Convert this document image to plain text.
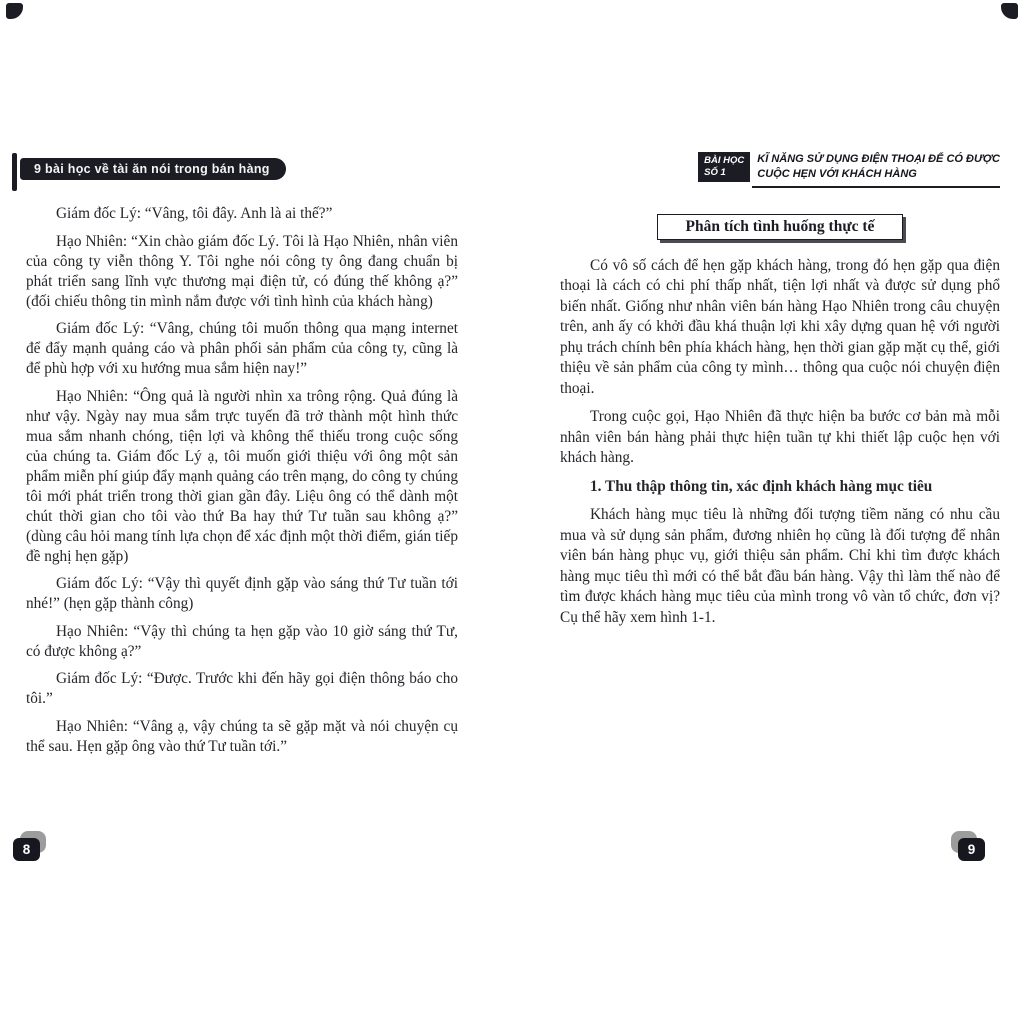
9 bài học về tài ăn nói trong bán hàng

Giám đốc Lý: “Vâng, tôi đây. Anh là ai thế?”

Hạo Nhiên: “Xin chào giám đốc Lý. Tôi là Hạo Nhiên, nhân viên của công ty viễn thông Y. Tôi nghe nói công ty ông đang chuẩn bị phát triển sang lĩnh vực thương mại điện tử, có đúng thế không ạ?” (đối chiếu thông tin mình nắm được với tình hình của khách hàng)

Giám đốc Lý: “Vâng, chúng tôi muốn thông qua mạng internet để đẩy mạnh quảng cáo và phân phối sản phẩm của công ty, cũng là để phù hợp với xu hướng mua sắm hiện nay!”

Hạo Nhiên: “Ông quả là người nhìn xa trông rộng. Quả đúng là như vậy. Ngày nay mua sắm trực tuyến đã trở thành một hình thức mua sắm nhanh chóng, tiện lợi và không thể thiếu trong cuộc sống của chúng ta. Giám đốc Lý ạ, tôi muốn giới thiệu với ông một sản phẩm miễn phí giúp đẩy mạnh quảng cáo trên mạng, do công ty chúng tôi mới phát triển trong thời gian gần đây. Liệu ông có thể dành một chút thời gian cho tôi vào thứ Ba hay thứ Tư tuần sau không ạ?” (dùng câu hỏi mang tính lựa chọn để xác định một thời điểm, gián tiếp đề nghị hẹn gặp)

Giám đốc Lý: “Vậy thì quyết định gặp vào sáng thứ Tư tuần tới nhé!” (hẹn gặp thành công)

Hạo Nhiên: “Vậy thì chúng ta hẹn gặp vào 10 giờ sáng thứ Tư, có được không ạ?”

Giám đốc Lý: “Được. Trước khi đến hãy gọi điện thông báo cho tôi.”

Hạo Nhiên: “Vâng ạ, vậy chúng ta sẽ gặp mặt và nói chuyện cụ thể sau. Hẹn gặp ông vào thứ Tư tuần tới.”

BÀI HỌC
SỐ 1
KĨ NĂNG SỬ DỤNG ĐIỆN THOẠI ĐỂ CÓ ĐƯỢC
CUỘC HẸN VỚI KHÁCH HÀNG
Phân tích tình huống thực tế

Có vô số cách để hẹn gặp khách hàng, trong đó hẹn gặp qua điện thoại là cách có chi phí thấp nhất, tiện lợi nhất và được sử dụng phổ biến nhất. Giống như nhân viên bán hàng Hạo Nhiên trong câu chuyện trên, anh ấy có khởi đầu khá thuận lợi khi xây dựng quan hệ với người phụ trách chính bên phía khách hàng, hẹn thời gian gặp mặt cụ thể, giới thiệu về sản phẩm của công ty mình… thông qua cuộc nói chuyện điện thoại.

Trong cuộc gọi, Hạo Nhiên đã thực hiện ba bước cơ bản mà mỗi nhân viên bán hàng phải thực hiện tuần tự khi thiết lập cuộc hẹn với khách hàng.

1. Thu thập thông tin, xác định khách hàng mục tiêu

Khách hàng mục tiêu là những đối tượng tiềm năng có nhu cầu mua và sử dụng sản phẩm, đương nhiên họ cũng là đối tượng để nhân viên bán hàng phục vụ, giới thiệu sản phẩm. Chỉ khi tìm được khách hàng mục tiêu thì mới có thể bắt đầu bán hàng. Vậy thì làm thế nào để tìm được khách hàng mục tiêu của mình trong vô vàn tổ chức, đơn vị? Cụ thể hãy xem hình 1-1.

8	9
